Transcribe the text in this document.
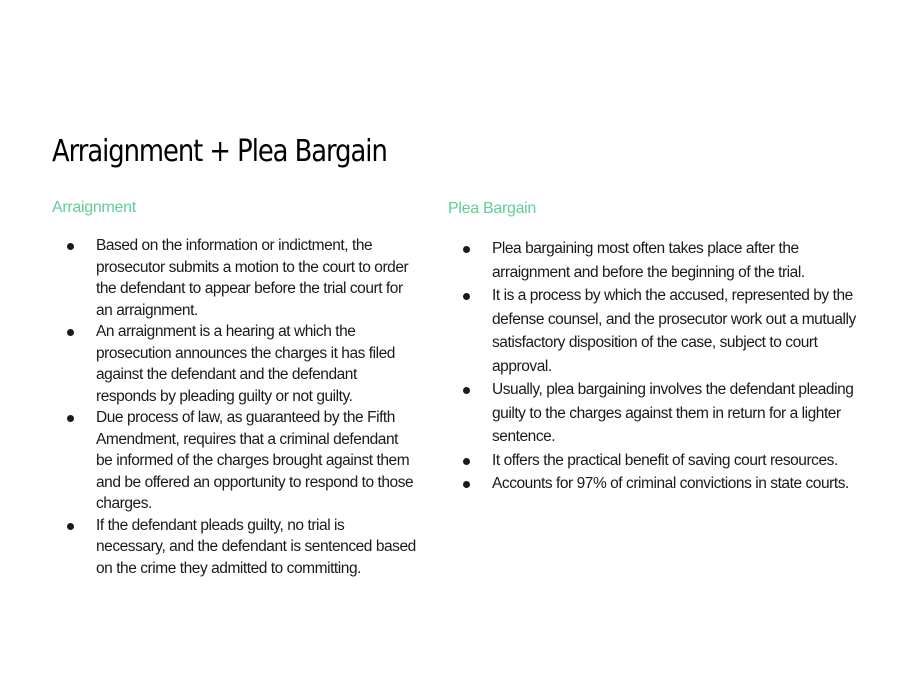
Arraignment + Plea Bargain

Arraignment

Based on the information or indictment, the prosecutor submits a motion to the court to order the defendant to appear before the trial court for an arraignment.
An arraignment is a hearing at which the prosecution announces the charges it has filed against the defendant and the defendant responds by pleading guilty or not guilty.
Due process of law, as guaranteed by the Fifth Amendment, requires that a criminal defendant be informed of the charges brought against them and be offered an opportunity to respond to those charges.
If the defendant pleads guilty, no trial is necessary, and the defendant is sentenced based on the crime they admitted to committing.

Plea Bargain

Plea bargaining most often takes place after the arraignment and before the beginning of the trial.
It is a process by which the accused, represented by the defense counsel, and the prosecutor work out a mutually satisfactory disposition of the case, subject to court approval.
Usually, plea bargaining involves the defendant pleading guilty to the charges against them in return for a lighter sentence.
It offers the practical benefit of saving court resources.
Accounts for 97% of criminal convictions in state courts.
